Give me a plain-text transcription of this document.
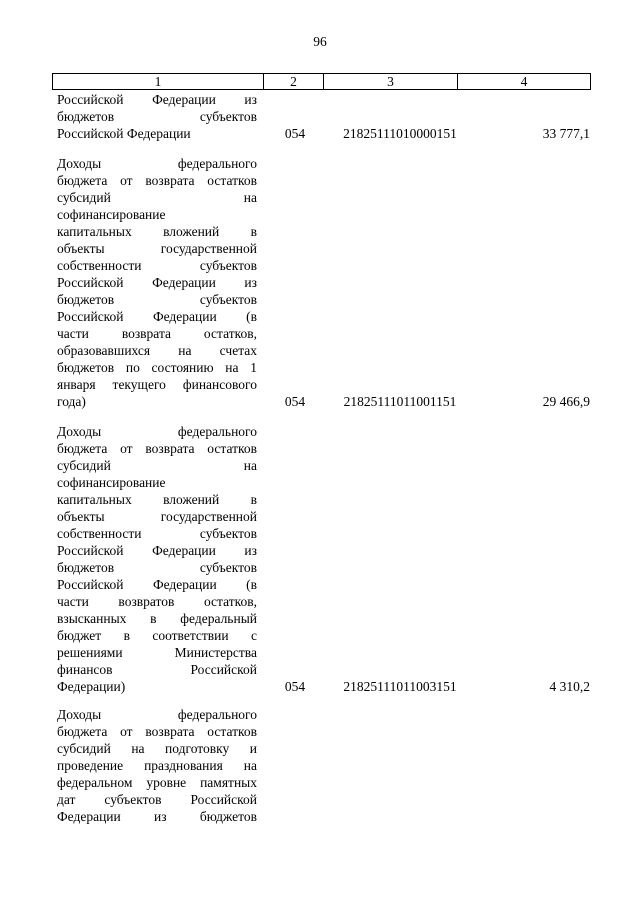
96
1	2	3	4
Российской Федерации из
бюджетов субъектов
Российской Федерации	054	21825111010000151	33 777,1
Доходы федерального
бюджета от возврата остатков
субсидий на
софинансирование
капитальных вложений в
объекты государственной
собственности субъектов
Российской Федерации из
бюджетов субъектов
Российской Федерации (в
части возврата остатков,
образовавшихся на счетах
бюджетов по состоянию на 1
января текущего финансового
года)	054	21825111011001151	29 466,9
Доходы федерального
бюджета от возврата остатков
субсидий на
софинансирование
капитальных вложений в
объекты государственной
собственности субъектов
Российской Федерации из
бюджетов субъектов
Российской Федерации (в
части возвратов остатков,
взысканных в федеральный
бюджет в соответствии с
решениями Министерства
финансов Российской
Федерации)	054	21825111011003151	4 310,2
Доходы федерального
бюджета от возврата остатков
субсидий на подготовку и
проведение празднования на
федеральном уровне памятных
дат субъектов Российской
Федерации из бюджетов
